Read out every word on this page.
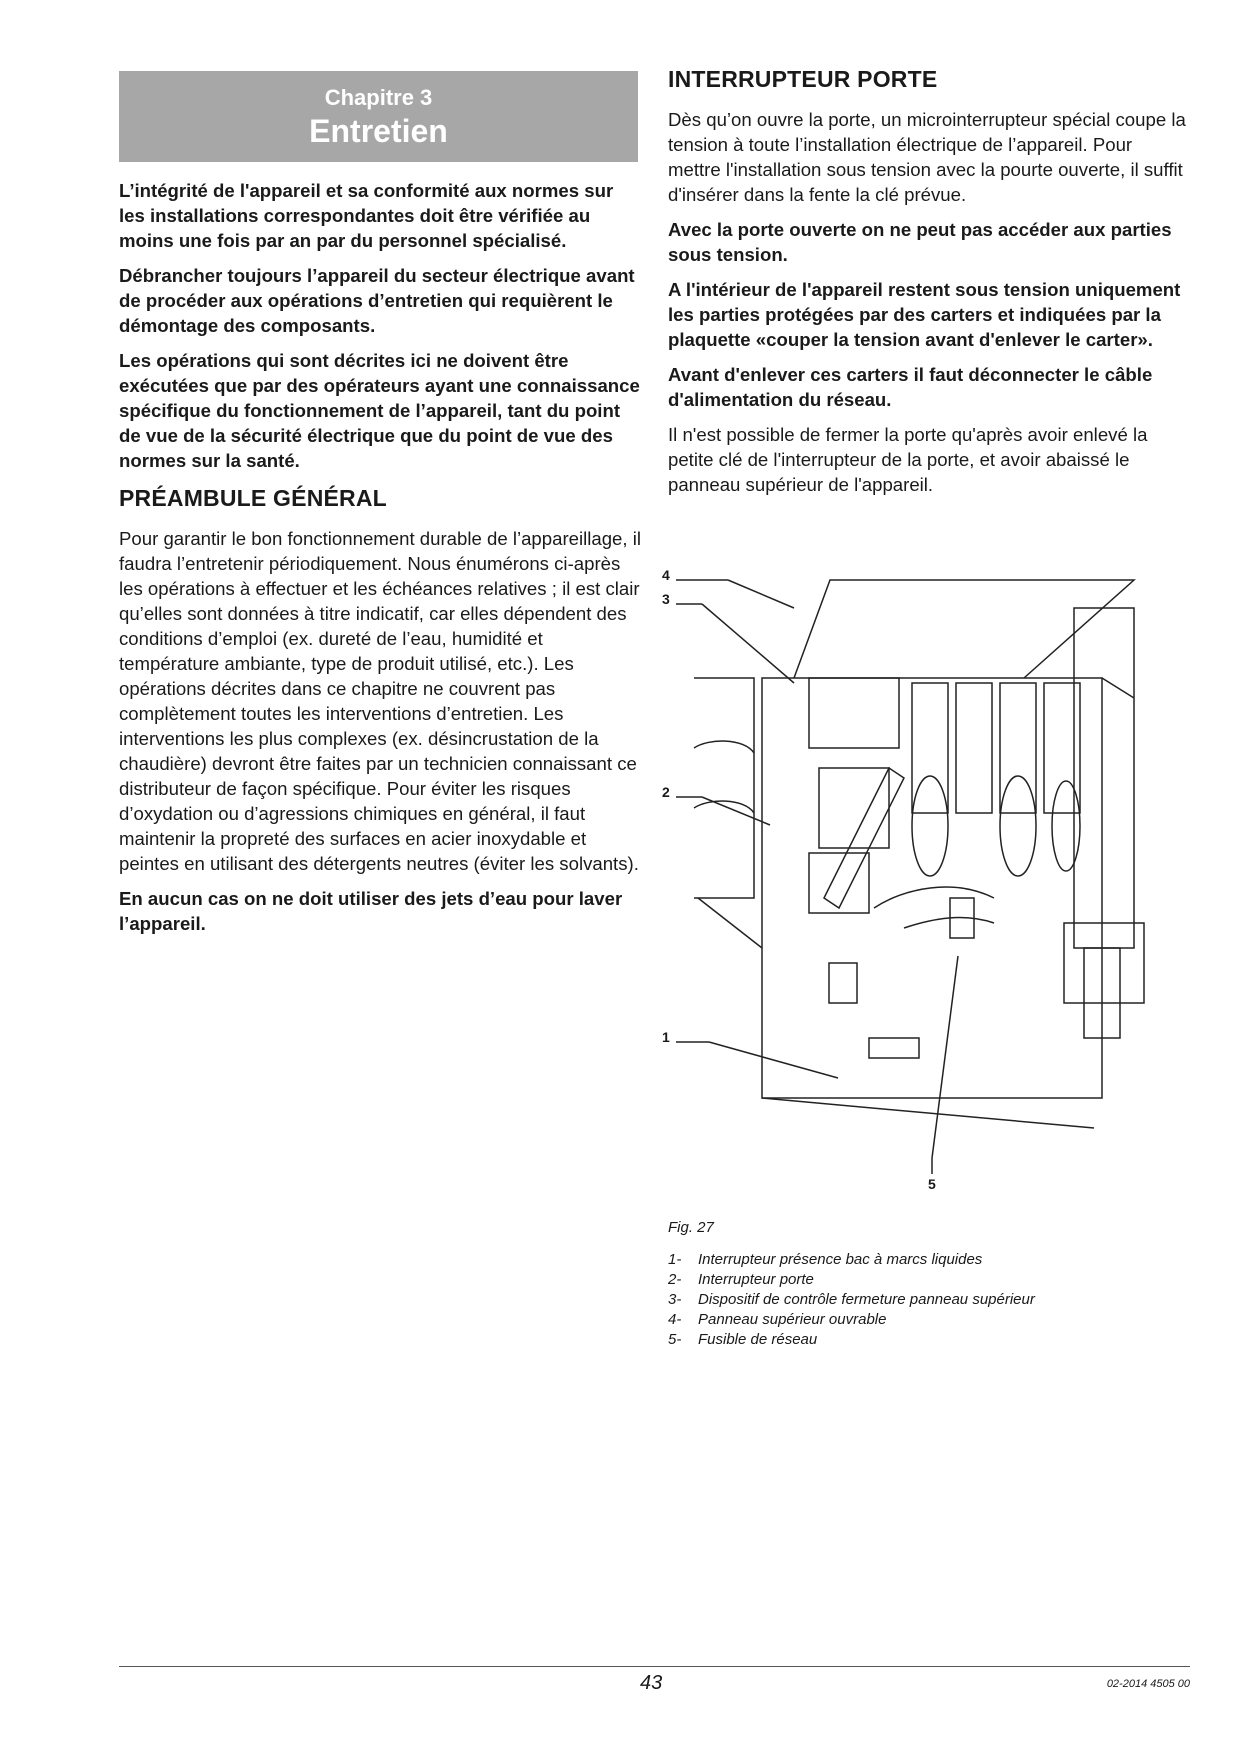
Chapitre 3
Entretien

L’intégrité de l'appareil et sa conformité aux normes sur les installations correspondantes doit être vérifiée au moins une fois par an par du personnel spécialisé.

Débrancher toujours l’appareil du secteur électrique avant de procéder aux opérations d’entretien qui requièrent le démontage des composants.

Les opérations qui sont décrites ici ne doivent être exécutées que par des opérateurs ayant une connaissance spécifique du fonctionnement de l’appareil, tant du point de vue de la sécurité électrique que du point de vue des normes sur la santé.

PRÉAMBULE GÉNÉRAL

Pour garantir le bon fonctionnement durable de l’appareillage, il faudra l’entretenir périodiquement. Nous énumérons ci-après les opérations à effectuer et les échéances relatives ; il est clair qu’elles sont données à titre indicatif, car elles dépendent des conditions d’emploi (ex. dureté de l’eau, humidité et température ambiante, type de produit utilisé, etc.). Les opérations décrites dans ce chapitre ne couvrent pas complètement toutes les interventions d’entretien. Les interventions les plus complexes (ex. désincrustation de la chaudière) devront être faites par un technicien connaissant ce distributeur de façon spécifique. Pour éviter les risques d’oxydation ou d’agressions chimiques en général, il faut maintenir la propreté des surfaces en acier inoxydable et peintes en utilisant des détergents neutres (éviter les solvants).

En aucun cas on ne doit utiliser des jets d’eau pour laver l’appareil.

INTERRUPTEUR PORTE

Dès qu’on ouvre la porte, un microinterrupteur spécial coupe la tension à toute l’installation électrique de l’appareil. Pour mettre l'installation sous tension avec la pourte ouverte, il suffit d'insérer dans la fente la clé prévue.

Avec la porte ouverte on ne peut pas accéder aux parties sous tension.

A l'intérieur de l'appareil restent sous tension uniquement les parties protégées par des carters et indiquées par la plaquette «couper la tension avant d'enlever le carter».

Avant d'enlever ces carters il faut déconnecter le câble d'alimentation du réseau.

Il n'est possible de fermer la porte qu'après avoir enlevé la petite clé de l'interrupteur de la porte, et avoir abaissé le panneau supérieur de l'appareil.

4
3
2
1
5
Fig. 27
1-	Interrupteur présence bac à marcs liquides
2-	Interrupteur porte
3-	Dispositif de contrôle fermeture panneau supérieur
4-	Panneau supérieur ouvrable
5-	Fusible de réseau
43	02-2014 4505 00
